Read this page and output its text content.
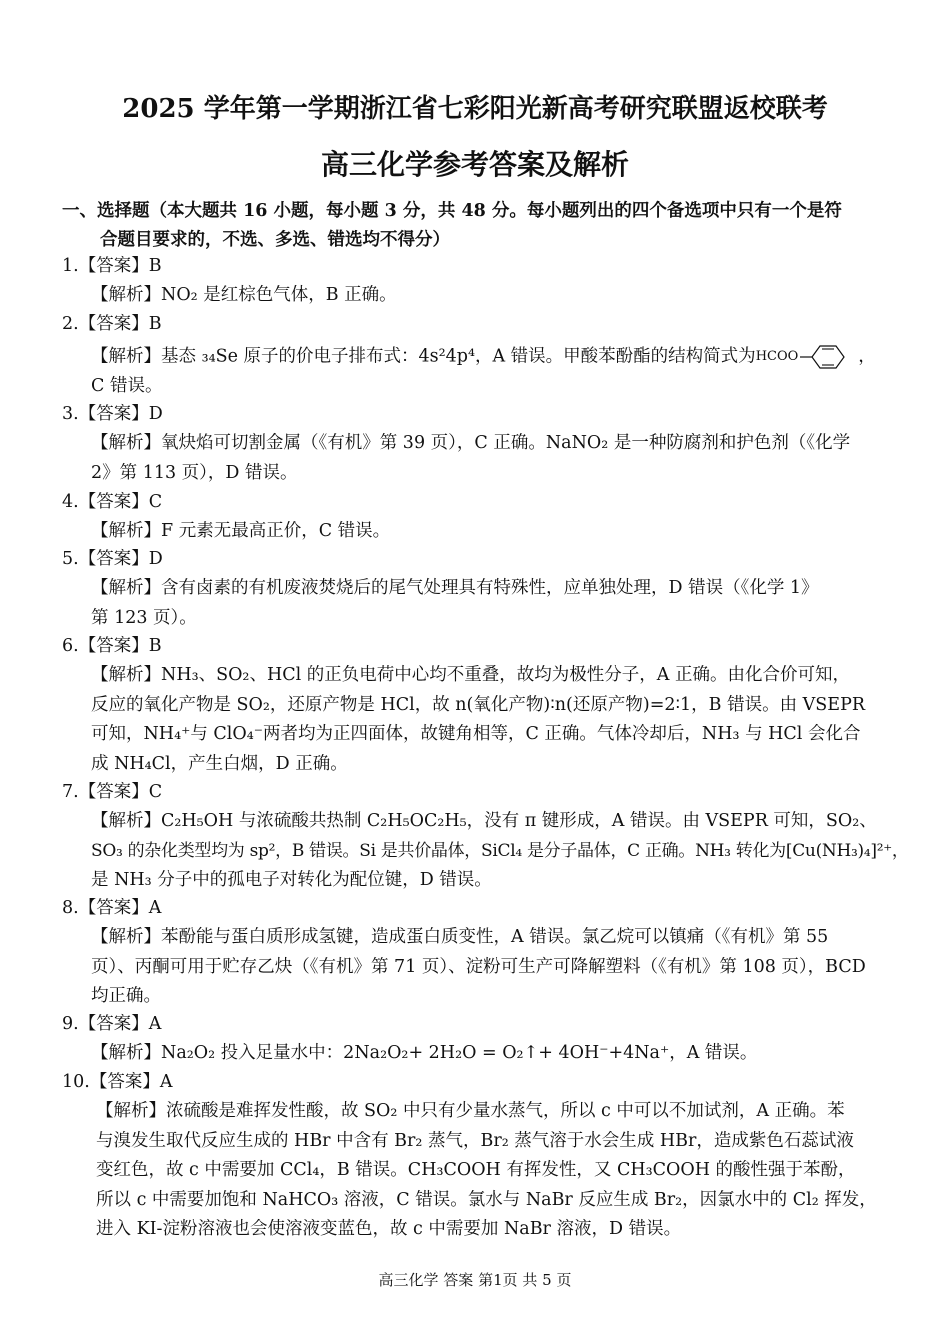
2025 学年第一学期浙江省七彩阳光新高考研究联盟返校联考
高三化学参考答案及解析
一、选择题（本大题共 16 小题，每小题 3 分，共 48 分。每小题列出的四个备选项中只有一个是符
合题目要求的，不选、多选、错选均不得分）
1.【答案】B
【解析】NO₂ 是红棕色气体，B 正确。
2.【答案】B
【解析】基态 ₃₄Se 原子的价电子排布式：4s²4p⁴，A 错误。甲酸苯酚酯的结构简式为HCOO	，
C 错误。
3.【答案】D
【解析】氧炔焰可切割金属（《有机》第 39 页），C 正确。NaNO₂ 是一种防腐剂和护色剂（《化学
2》第 113 页），D 错误。
4.【答案】C
【解析】F 元素无最高正价，C 错误。
5.【答案】D
【解析】含有卤素的有机废液焚烧后的尾气处理具有特殊性，应单独处理，D 错误（《化学 1》
第 123 页）。
6.【答案】B
【解析】NH₃、SO₂、HCl 的正负电荷中心均不重叠，故均为极性分子，A 正确。由化合价可知，
反应的氧化产物是 SO₂，还原产物是 HCl，故 n(氧化产物)∶n(还原产物)=2∶1，B 错误。由 VSEPR
可知，NH₄⁺与 ClO₄⁻两者均为正四面体，故键角相等，C 正确。气体冷却后，NH₃ 与 HCl 会化合
成 NH₄Cl，产生白烟，D 正确。
7.【答案】C
【解析】C₂H₅OH 与浓硫酸共热制 C₂H₅OC₂H₅，没有 π 键形成，A 错误。由 VSEPR 可知，SO₂、
SO₃ 的杂化类型均为 sp²，B 错误。Si 是共价晶体，SiCl₄ 是分子晶体，C 正确。NH₃ 转化为[Cu(NH₃)₄]²⁺，
是 NH₃ 分子中的孤电子对转化为配位键，D 错误。
8.【答案】A
【解析】苯酚能与蛋白质形成氢键，造成蛋白质变性，A 错误。氯乙烷可以镇痛（《有机》第 55
页）、丙酮可用于贮存乙炔（《有机》第 71 页）、淀粉可生产可降解塑料（《有机》第 108 页），BCD
均正确。
9.【答案】A
【解析】Na₂O₂ 投入足量水中：2Na₂O₂+ 2H₂O = O₂↑+ 4OH⁻+4Na⁺，A 错误。
10.【答案】A
【解析】浓硫酸是难挥发性酸，故 SO₂ 中只有少量水蒸气，所以 c 中可以不加试剂，A 正确。苯
与溴发生取代反应生成的 HBr 中含有 Br₂ 蒸气，Br₂ 蒸气溶于水会生成 HBr，造成紫色石蕊试液
变红色，故 c 中需要加 CCl₄，B 错误。CH₃COOH 有挥发性，又 CH₃COOH 的酸性强于苯酚，
所以 c 中需要加饱和 NaHCO₃ 溶液，C 错误。氯水与 NaBr 反应生成 Br₂，因氯水中的 Cl₂ 挥发，
进入 KI-淀粉溶液也会使溶液变蓝色，故 c 中需要加 NaBr 溶液，D 错误。
高三化学 答案 第1页 共 5 页
